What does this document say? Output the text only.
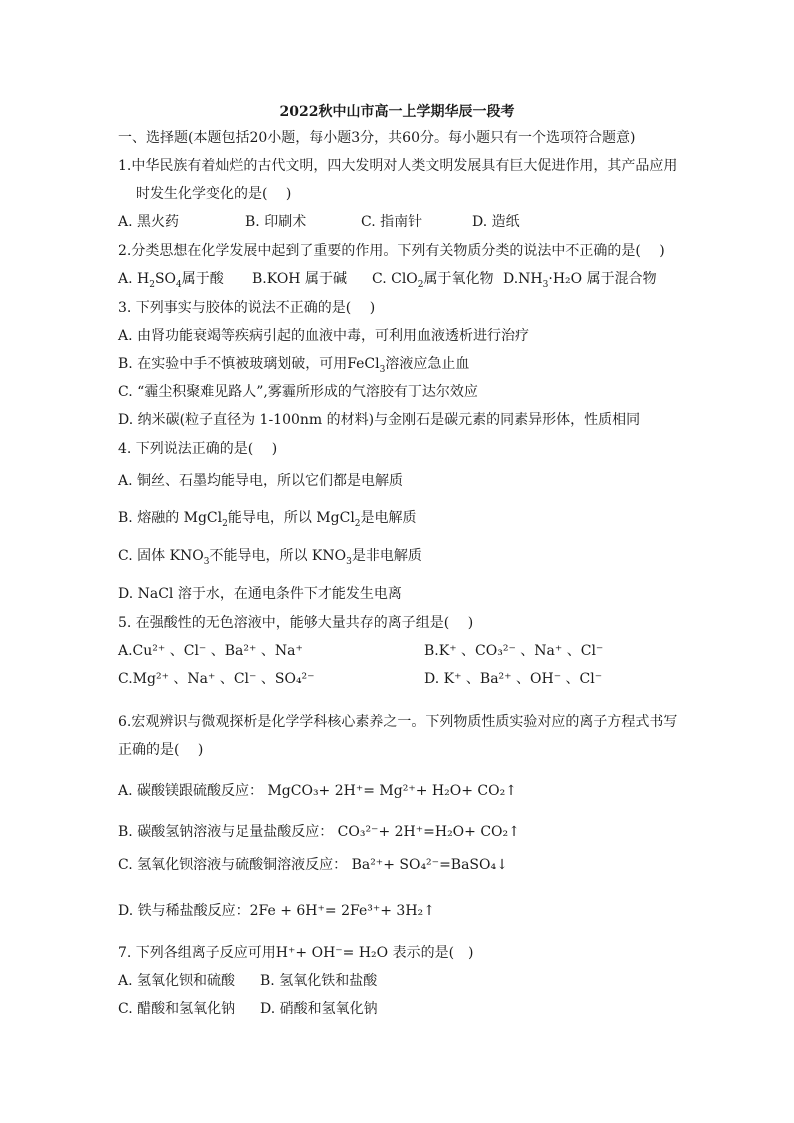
2022秋中山市高一上学期华辰一段考
一、选择题(本题包括20小题，每小题3分，共60分。每小题只有一个选项符合题意)
1.中华民族有着灿烂的古代文明，四大发明对人类文明发展具有巨大促进作用，其产品应用
时发生化学变化的是(　 )
A. 黑火药	B. 印刷术	C. 指南针	D. 造纸
2.分类思想在化学发展中起到了重要的作用。下列有关物质分类的说法中不正确的是(　 )
A. $H_2SO_4$属于酸 B.KOH 属于碱 C. ClO$_2$属于氧化物 $D.NH_3\cdot H_2O$ 属于混合物
3. 下列事实与胶体的说法不正确的是(　 )
A. 由肾功能衰竭等疾病引起的血液中毒，可利用血液透析进行治疗
B. 在实验中手不慎被玻璃划破，可用FeCl$_3$溶液应急止血
C. “霾尘积聚难见路人”,雾霾所形成的气溶胶有丁达尔效应
D. 纳米碳(粒子直径为 1-100nm 的材料)与金刚石是碳元素的同素异形体，性质相同
4. 下列说法正确的是(　 )
A. 铜丝、石墨均能导电，所以它们都是电解质
B. 熔融的 MgCl$_2$能导电，所以 MgCl$_2$是电解质
C. 固体 $KNO_3$不能导电，所以 $KNO_3$是非电解质
D. NaCl 溶于水，在通电条件下才能发生电离
5. 在强酸性的无色溶液中，能够大量共存的离子组是(　 )
A.Cu²⁺ 、Cl⁻ 、Ba²⁺ 、Na⁺	B.K⁺ 、CO₃²⁻ 、Na⁺ 、Cl⁻
C.Mg²⁺ 、Na⁺ 、Cl⁻ 、SO₄²⁻	D. K⁺ 、Ba²⁺ 、OH⁻ 、Cl⁻
6.宏观辨识与微观探析是化学学科核心素养之一。下列物质性质实验对应的离子方程式书写
正确的是(　 )
A. 碳酸镁跟硫酸反应： MgCO₃+ 2H⁺= Mg²⁺+ H₂O+ CO₂↑
B. 碳酸氢钠溶液与足量盐酸反应： CO₃²⁻+ 2H⁺=H₂O+ CO₂↑
C. 氢氧化钡溶液与硫酸铜溶液反应： Ba²⁺+ SO₄²⁻=BaSO₄↓
D. 铁与稀盐酸反应：2Fe + 6H⁺= 2Fe³⁺+ 3H₂↑
7. 下列各组离子反应可用H⁺+ OH⁻= H₂O 表示的是(　)
A. 氢氧化钡和硫酸 B. 氢氧化铁和盐酸
C. 醋酸和氢氧化钠 D. 硝酸和氢氧化钠
